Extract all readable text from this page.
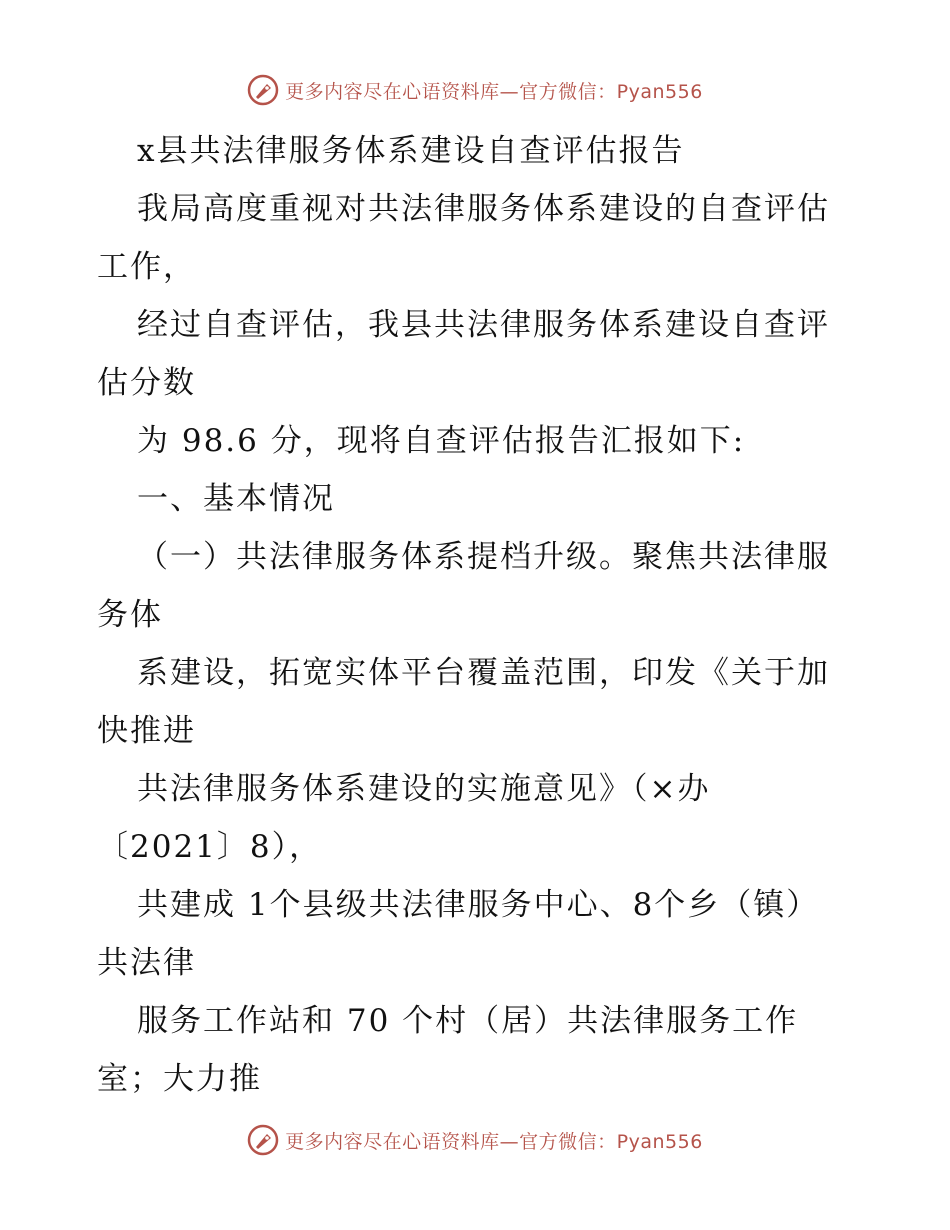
更多内容尽在心语资料库—官方微信：Pyan556
x县共法律服务体系建设自查评估报告
我局高度重视对共法律服务体系建设的自查评估
工作，
经过自查评估，我县共法律服务体系建设自查评
估分数
为 98.6 分，现将自查评估报告汇报如下:
一、基本情况
（一）共法律服务体系提档升级。聚焦共法律服
务体
系建设，拓宽实体平台覆盖范围，印发《关于加
快推进
共法律服务体系建设的实施意见》（×办
〔2021〕8），
共建成 1个县级共法律服务中心、8个乡（镇）
共法律
服务工作站和 70 个村（居）共法律服务工作
室；大力推
更多内容尽在心语资料库—官方微信：Pyan556
